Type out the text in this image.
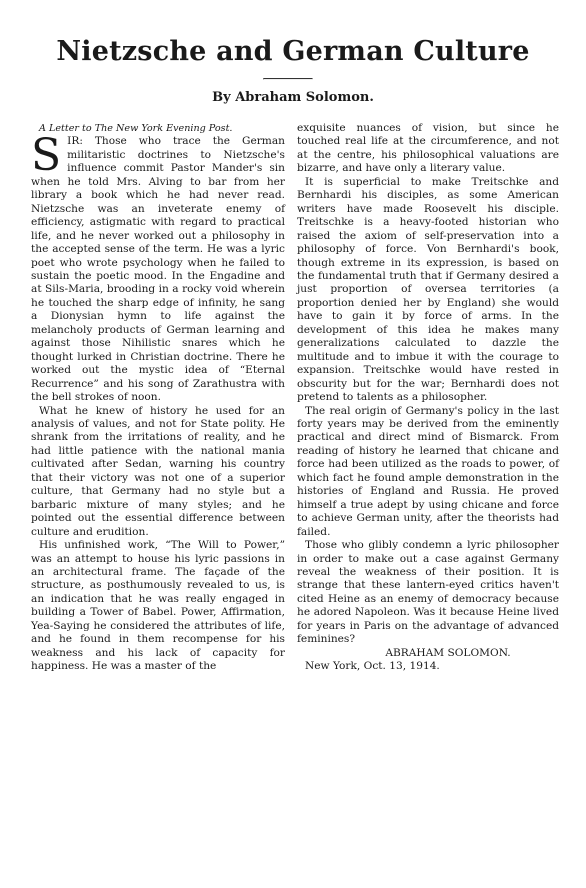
Nietzsche and German Culture
By Abraham Solomon.

A Letter to The New York Evening Post.

SIR: Those who trace the German militaristic doctrines to Nietzsche's influence commit Pastor Mander's sin when he told Mrs. Alving to bar from her library a book which he had never read. Nietzsche was an inveterate enemy of efficiency, astigmatic with regard to practical life, and he never worked out a philosophy in the accepted sense of the term. He was a lyric poet who wrote psychology when he failed to sustain the poetic mood. In the Engadine and at Sils-Maria, brooding in a rocky void wherein he touched the sharp edge of infinity, he sang a Dionysian hymn to life against the melancholy products of German learning and against those Nihilistic snares which he thought lurked in Christian doctrine. There he worked out the mystic idea of “Eternal Recurrence” and his song of Zarathustra with the bell strokes of noon.

What he knew of history he used for an analysis of values, and not for State polity. He shrank from the irritations of reality, and he had little patience with the national mania cultivated after Sedan, warning his country that their victory was not one of a superior culture, that Germany had no style but a barbaric mixture of many styles; and he pointed out the essential difference between culture and erudition.

His unfinished work, “The Will to Power,” was an attempt to house his lyric passions in an architectural frame. The façade of the structure, as posthumously revealed to us, is an indication that he was really engaged in building a Tower of Babel. Power, Affirmation, Yea-Saying he considered the attributes of life, and he found in them recompense for his weakness and his lack of capacity for happiness. He was a master of the

exquisite nuances of vision, but since he touched real life at the circumference, and not at the centre, his philosophical valuations are bizarre, and have only a literary value.

It is superficial to make Treitschke and Bernhardi his disciples, as some American writers have made Roosevelt his disciple. Treitschke is a heavy-footed historian who raised the axiom of self-preservation into a philosophy of force. Von Bernhardi's book, though extreme in its expression, is based on the fundamental truth that if Germany desired a just proportion of oversea territories (a proportion denied her by England) she would have to gain it by force of arms. In the development of this idea he makes many generalizations calculated to dazzle the multitude and to imbue it with the courage to expansion. Treitschke would have rested in obscurity but for the war; Bernhardi does not pretend to talents as a philosopher.

The real origin of Germany's policy in the last forty years may be derived from the eminently practical and direct mind of Bismarck. From reading of history he learned that chicane and force had been utilized as the roads to power, of which fact he found ample demonstration in the histories of England and Russia. He proved himself a true adept by using chicane and force to achieve German unity, after the theorists had failed.

Those who glibly condemn a lyric philosopher in order to make out a case against Germany reveal the weakness of their position. It is strange that these lantern-eyed critics haven't cited Heine as an enemy of democracy because he adored Napoleon. Was it because Heine lived for years in Paris on the advantage of advanced feminines?

ABRAHAM SOLOMON.

New York, Oct. 13, 1914.
